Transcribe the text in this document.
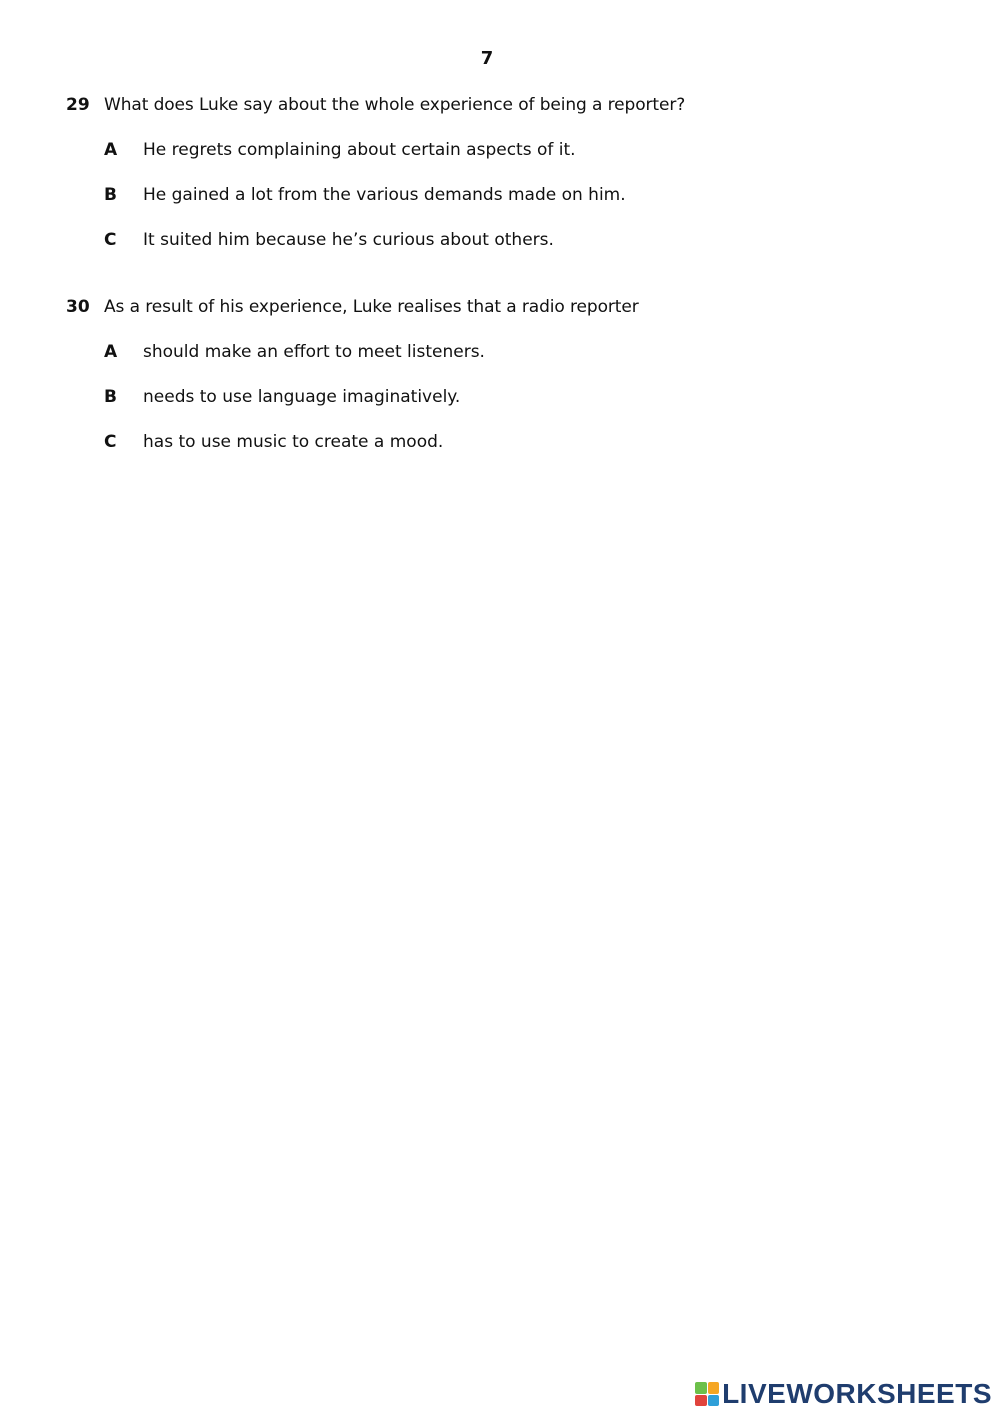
7
29 What does Luke say about the whole experience of being a reporter?
A	He regrets complaining about certain aspects of it.
B	He gained a lot from the various demands made on him.
C	It suited him because he’s curious about others.
30 As a result of his experience, Luke realises that a radio reporter
A	should make an effort to meet listeners.
B	needs to use language imaginatively.
C	has to use music to create a mood.
LIVEWORKSHEETS
